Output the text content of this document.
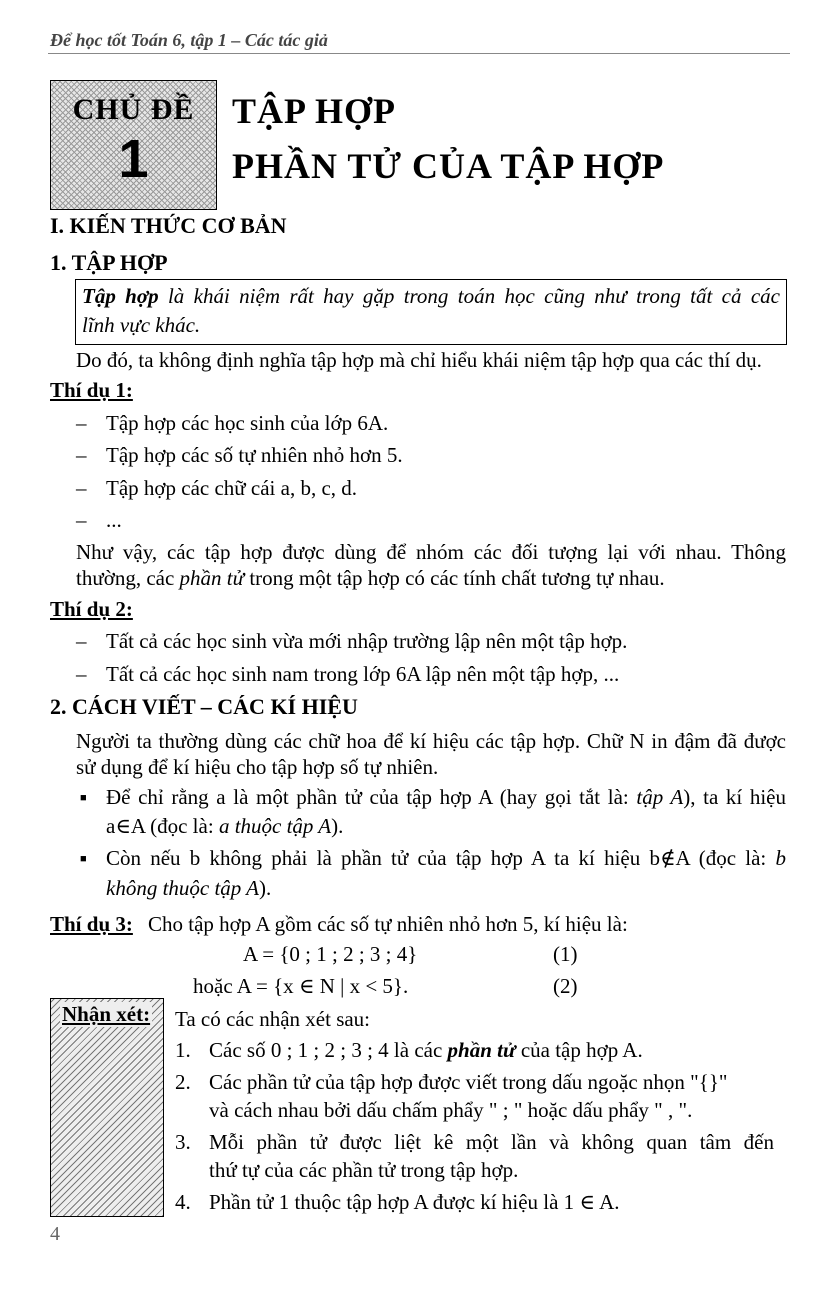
Để học tốt Toán 6, tập 1 – Các tác giả
CHỦ ĐỀ
1
TẬP HỢP
PHẦN TỬ CỦA TẬP HỢP
I. KIẾN THỨC CƠ BẢN
1. TẬP HỢP
Tập hợp là khái niệm rất hay gặp trong toán học cũng như trong tất cả các
lĩnh vực khác.
Do đó, ta không định nghĩa tập hợp mà chỉ hiểu khái niệm tập hợp qua các thí dụ.
Thí dụ 1:
– Tập hợp các học sinh của lớp 6A.
– Tập hợp các số tự nhiên nhỏ hơn 5.
– Tập hợp các chữ cái a, b, c, d.
– ...
Như vậy, các tập hợp được dùng để nhóm các đối tượng lại với nhau. Thông
thường, các phần tử trong một tập hợp có các tính chất tương tự nhau.
Thí dụ 2:
– Tất cả các học sinh vừa mới nhập trường lập nên một tập hợp.
– Tất cả các học sinh nam trong lớp 6A lập nên một tập hợp, ...
2. CÁCH VIẾT – CÁC KÍ HIỆU
Người ta thường dùng các chữ hoa để kí hiệu các tập hợp. Chữ N in đậm đã được
sử dụng để kí hiệu cho tập hợp số tự nhiên.
■ Để chỉ rằng a là một phần tử của tập hợp A (hay gọi tắt là: tập A), ta kí hiệu
a∈A (đọc là: a thuộc tập A).
■ Còn nếu b không phải là phần tử của tập hợp A ta kí hiệu b∉A (đọc là: b
không thuộc tập A).
Thí dụ 3: Cho tập hợp A gồm các số tự nhiên nhỏ hơn 5, kí hiệu là:
A = {0 ; 1 ; 2 ; 3 ; 4}	(1)
hoặc A = {x ∈ N | x < 5}.	(2)
Nhận xét: Ta có các nhận xét sau:
1. Các số 0 ; 1 ; 2 ; 3 ; 4 là các phần tử của tập hợp A.
2. Các phần tử của tập hợp được viết trong dấu ngoặc nhọn "{}"
và cách nhau bởi dấu chấm phẩy " ; " hoặc dấu phẩy " , ".
3. Mỗi phần tử được liệt kê một lần và không quan tâm đến
thứ tự của các phần tử trong tập hợp.
4. Phần tử 1 thuộc tập hợp A được kí hiệu là 1 ∈ A.
4
